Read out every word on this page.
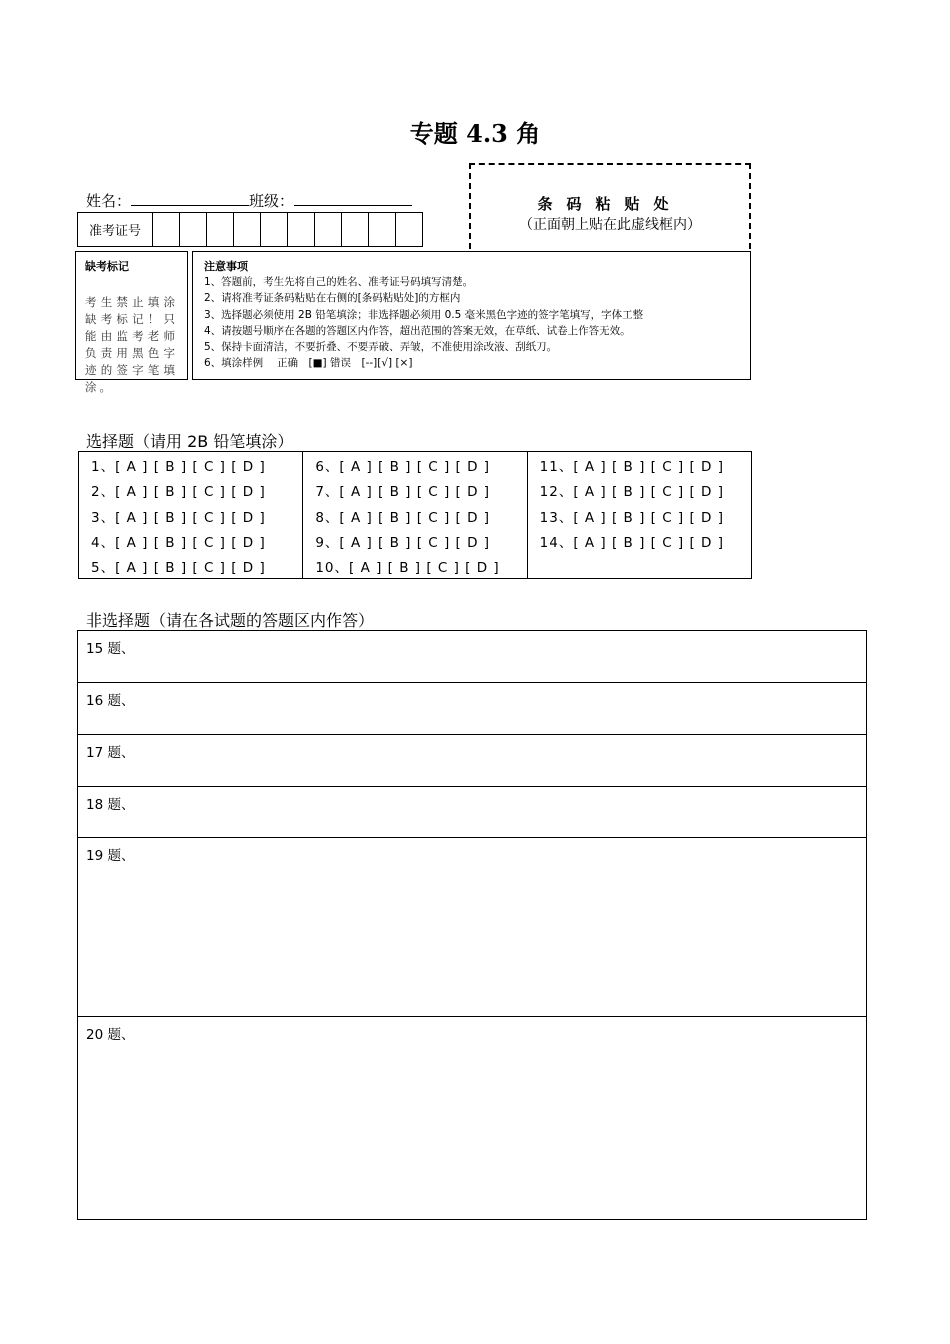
专题 4.3 角
姓名：	班级：
准考证号
条码粘贴处
（正面朝上贴在此虚线框内）
缺考标记
考生禁止填涂缺考标记！只能由监考老师负责用黑色字迹的签字笔填涂。
注意事项
1、答题前，考生先将自己的姓名、准考证号码填写清楚。
2、请将准考证条码粘贴在右侧的[条码粘贴处]的方框内
3、选择题必须使用 2B 铅笔填涂；非选择题必须用 0.5 毫米黑色字迹的签字笔填写，字体工整
4、请按题号顺序在各题的答题区内作答，超出范围的答案无效，在草纸、试卷上作答无效。
5、保持卡面清洁，不要折叠、不要弄破、弄皱，不准使用涂改液、刮纸刀。
6、填涂样例　 正确　[■] 错误　[--][√] [×]
选择题（请用 2B 铅笔填涂）
1、[ A ] [ B ] [ C ] [ D ]
2、[ A ] [ B ] [ C ] [ D ]
3、[ A ] [ B ] [ C ] [ D ]
4、[ A ] [ B ] [ C ] [ D ]
5、[ A ] [ B ] [ C ] [ D ]
6、[ A ] [ B ] [ C ] [ D ]
7、[ A ] [ B ] [ C ] [ D ]
8、[ A ] [ B ] [ C ] [ D ]
9、[ A ] [ B ] [ C ] [ D ]
10、[ A ] [ B ] [ C ] [ D ]
11、[ A ] [ B ] [ C ] [ D ]
12、[ A ] [ B ] [ C ] [ D ]
13、[ A ] [ B ] [ C ] [ D ]
14、[ A ] [ B ] [ C ] [ D ]
非选择题（请在各试题的答题区内作答）
15 题、
16 题、
17 题、
18 题、
19 题、
20 题、
